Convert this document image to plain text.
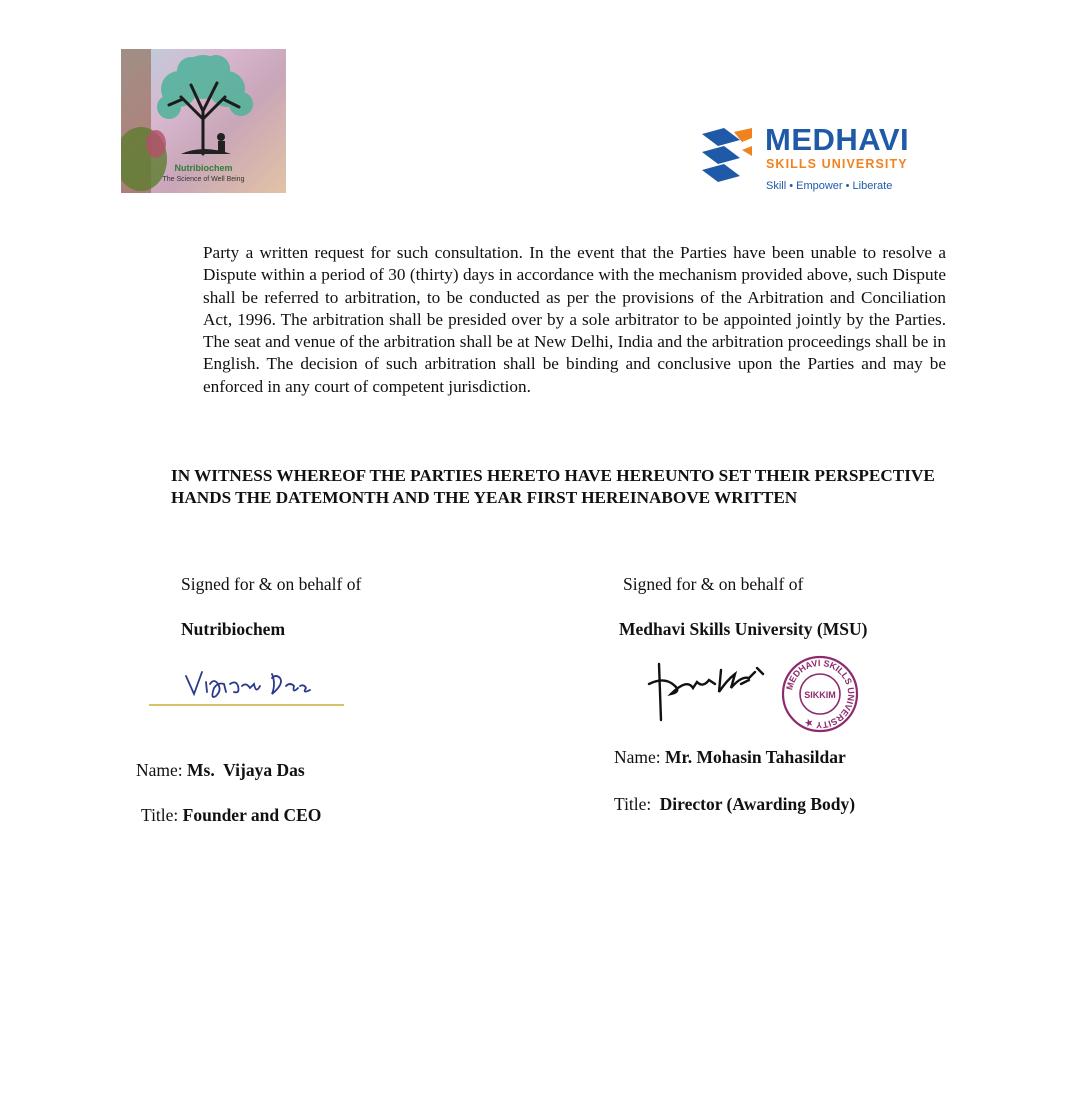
Nutribiochem
The Science of Well Being
MEDHAVI
SKILLS UNIVERSITY
Skill • Empower • Liberate
Party a written request for such consultation. In the event that the Parties have been unable to resolve a Dispute within a period of 30 (thirty) days in accordance with the mechanism provided above, such Dispute shall be referred to arbitration, to be conducted as per the provisions of the Arbitration and Conciliation Act, 1996. The arbitration shall be presided over by a sole arbitrator to be appointed jointly by the Parties. The seat and venue of the arbitration shall be at New Delhi, India and the arbitration proceedings shall be in English. The decision of such arbitration shall be binding and conclusive upon the Parties and may be enforced in any court of competent jurisdiction.
IN WITNESS WHEREOF THE PARTIES HERETO HAVE HEREUNTO SET THEIR PERSPECTIVE HANDS THE DATEMONTH AND THE YEAR FIRST HEREINABOVE WRITTEN
Signed for & on behalf of
Nutribiochem
Name: Ms.  Vijaya Das
Title: Founder and CEO
Signed for & on behalf of
Medhavi Skills University (MSU)
MEDHAVI SKILLS UNIVERSITY ★
SIKKIM
Name: Mr. Mohasin Tahasildar
Title: Director (Awarding Body)
